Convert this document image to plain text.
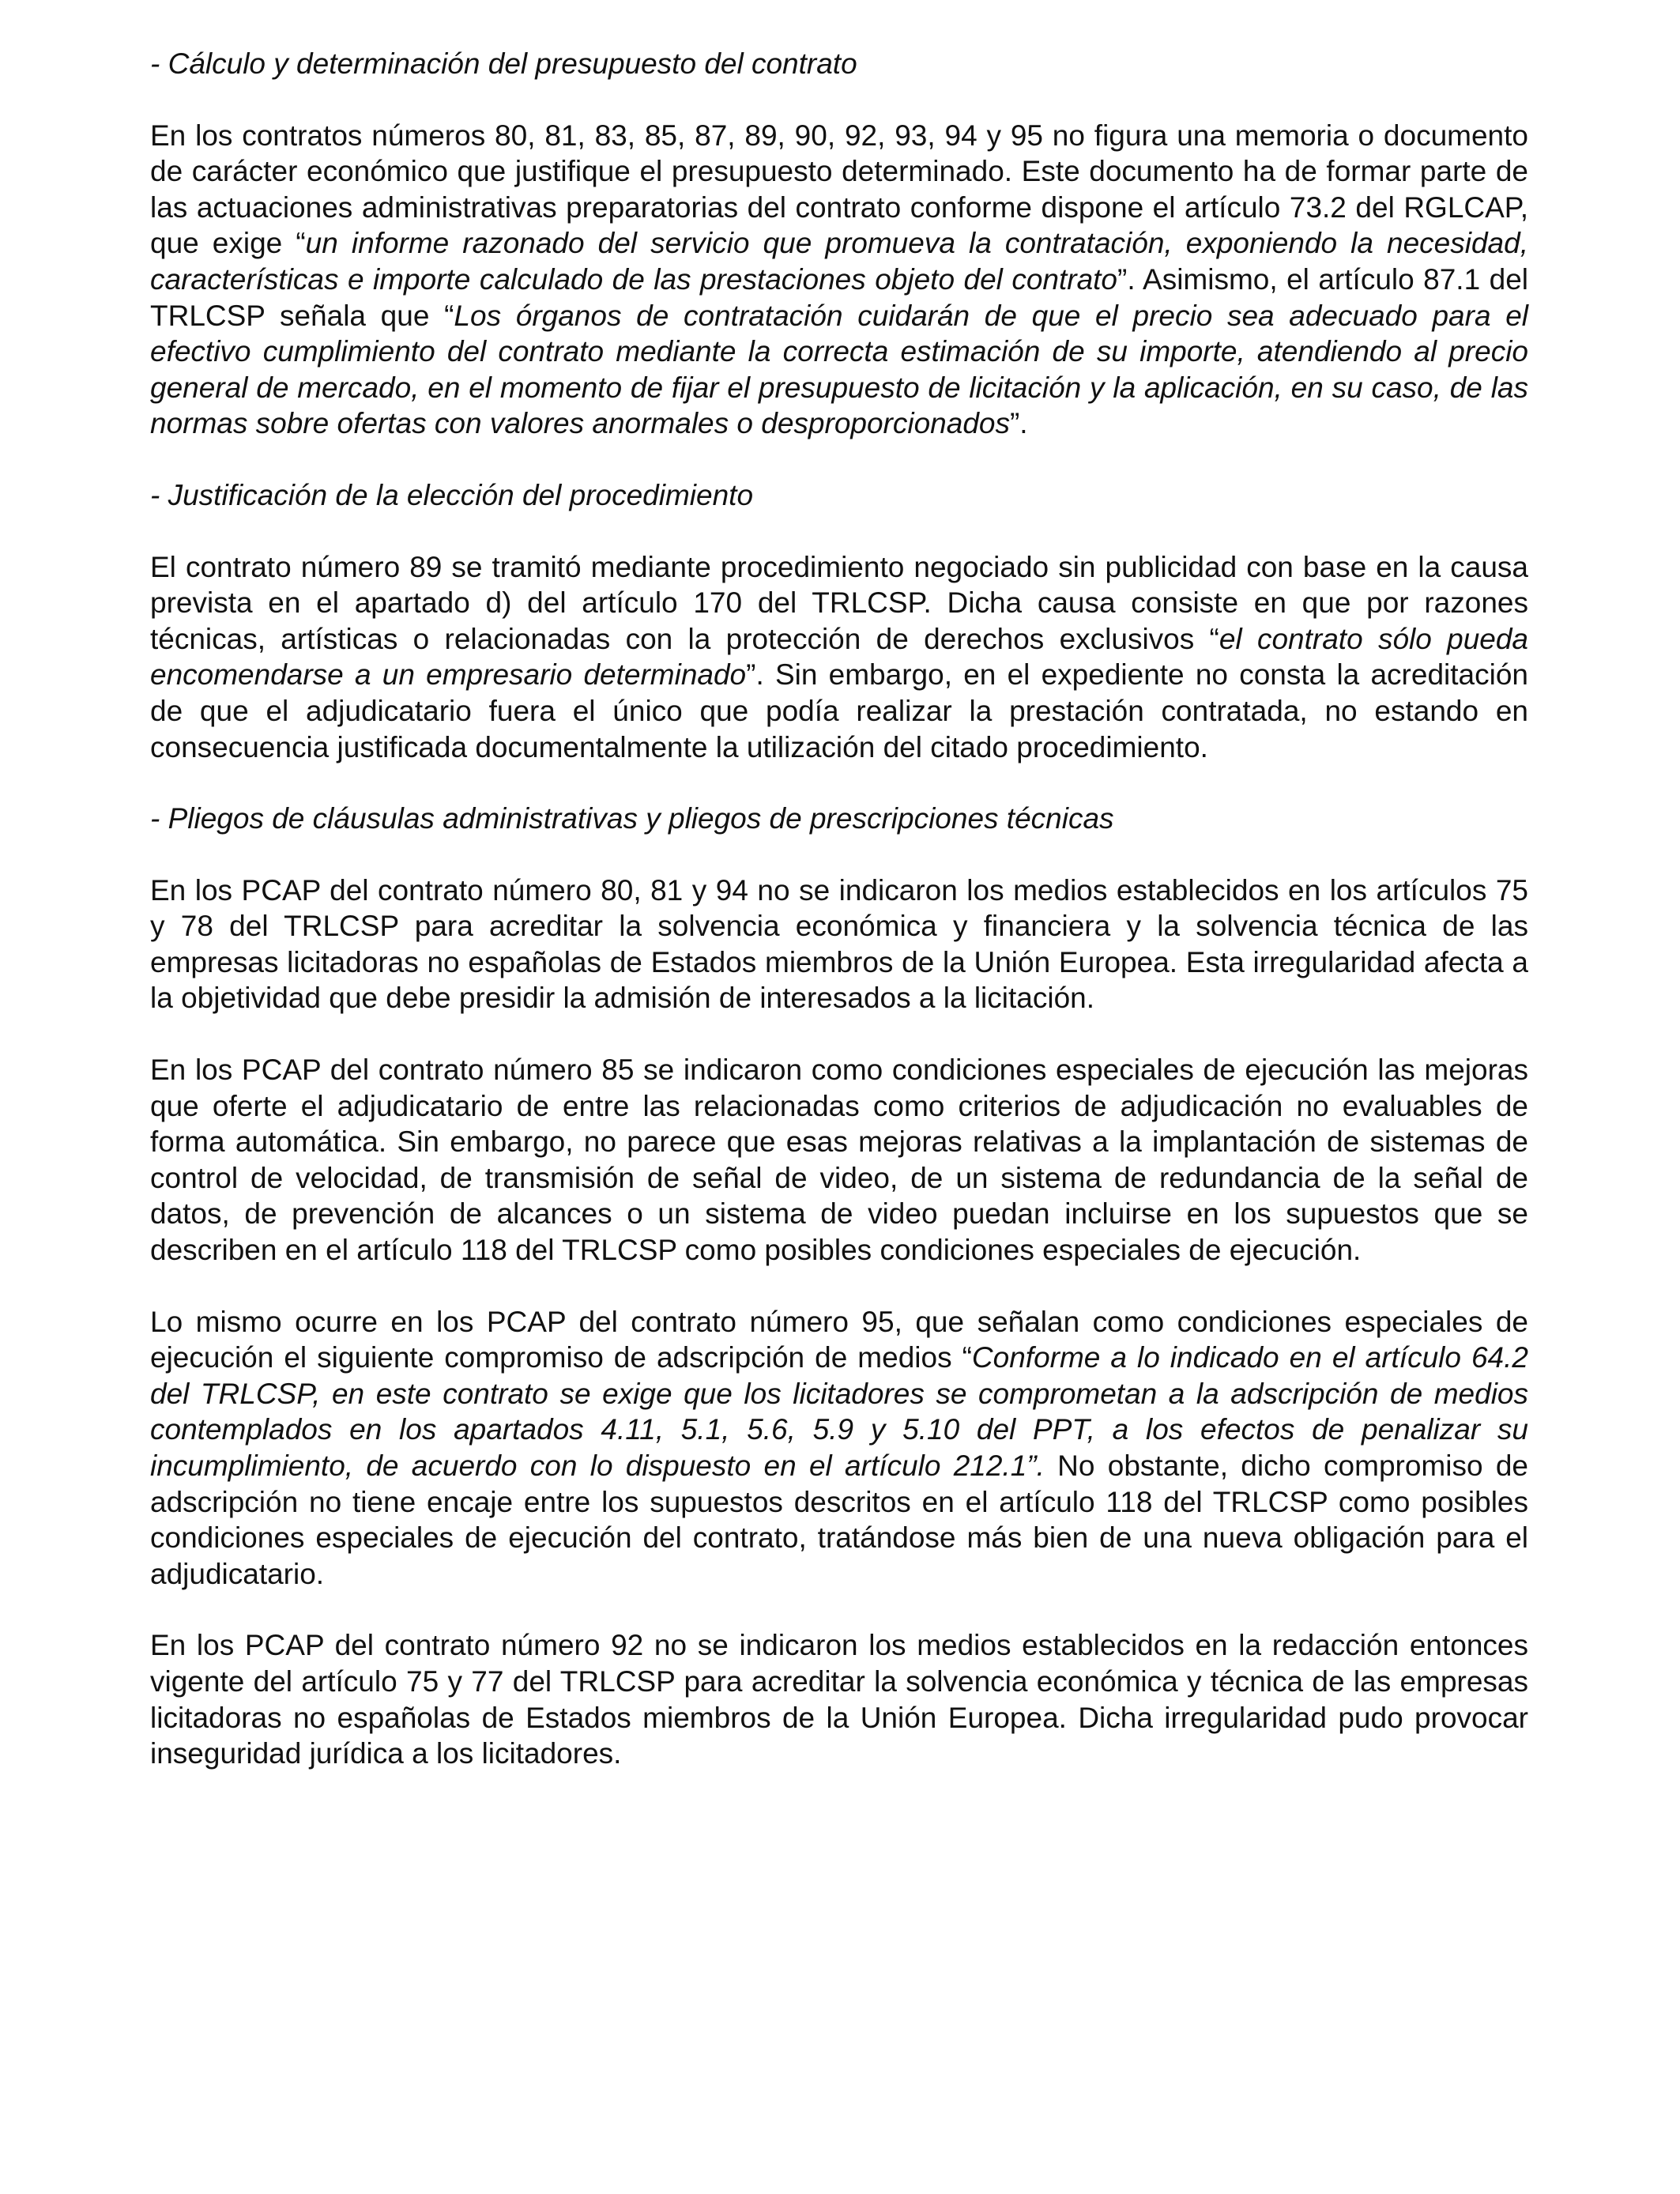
- Cálculo y determinación del presupuesto del contrato

En los contratos números 80, 81, 83, 85, 87, 89, 90, 92, 93, 94 y 95 no figura una memoria o documento de carácter económico que justifique el presupuesto determinado. Este documento ha de formar parte de las actuaciones administrativas preparatorias del contrato conforme dispone el artículo 73.2 del RGLCAP, que exige “un informe razonado del servicio que promueva la contratación, exponiendo la necesidad, características e importe calculado de las prestaciones objeto del contrato”. Asimismo, el artículo 87.1 del TRLCSP señala que “Los órganos de contratación cuidarán de que el precio sea adecuado para el efectivo cumplimiento del contrato mediante la correcta estimación de su importe, atendiendo al precio general de mercado, en el momento de fijar el presupuesto de licitación y la aplicación, en su caso, de las normas sobre ofertas con valores anormales o desproporcionados”.

- Justificación de la elección del procedimiento

El contrato número 89 se tramitó mediante procedimiento negociado sin publicidad con base en la causa prevista en el apartado d) del artículo 170 del TRLCSP. Dicha causa consiste en que por razones técnicas, artísticas o relacionadas con la protección de derechos exclusivos “el contrato sólo pueda encomendarse a un empresario determinado”. Sin embargo, en el expediente no consta la acreditación de que el adjudicatario fuera el único que podía realizar la prestación contratada, no estando en consecuencia justificada documentalmente la utilización del citado procedimiento.

- Pliegos de cláusulas administrativas y pliegos de prescripciones técnicas

En los PCAP del contrato número 80, 81 y 94 no se indicaron los medios establecidos en los artículos 75 y 78 del TRLCSP para acreditar la solvencia económica y financiera y la solvencia técnica de las empresas licitadoras no españolas de Estados miembros de la Unión Europea. Esta irregularidad afecta a la objetividad que debe presidir la admisión de interesados a la licitación.

En los PCAP del contrato número 85 se indicaron como condiciones especiales de ejecución las mejoras que oferte el adjudicatario de entre las relacionadas como criterios de adjudicación no evaluables de forma automática. Sin embargo, no parece que esas mejoras relativas a la implantación de sistemas de control de velocidad, de transmisión de señal de video, de un sistema de redundancia de la señal de datos, de prevención de alcances o un sistema de video puedan incluirse en los supuestos que se describen en el artículo 118 del TRLCSP como posibles condiciones especiales de ejecución.

Lo mismo ocurre en los PCAP del contrato número 95, que señalan como condiciones especiales de ejecución el siguiente compromiso de adscripción de medios “Conforme a lo indicado en el artículo 64.2 del TRLCSP, en este contrato se exige que los licitadores se comprometan a la adscripción de medios contemplados en los apartados 4.11, 5.1, 5.6, 5.9 y 5.10 del PPT, a los efectos de penalizar su incumplimiento, de acuerdo con lo dispuesto en el artículo 212.1”. No obstante, dicho compromiso de adscripción no tiene encaje entre los supuestos descritos en el artículo 118 del TRLCSP como posibles condiciones especiales de ejecución del contrato, tratándose más bien de una nueva obligación para el adjudicatario.

En los PCAP del contrato número 92 no se indicaron los medios establecidos en la redacción entonces vigente del artículo 75 y 77 del TRLCSP para acreditar la solvencia económica y técnica de las empresas licitadoras no españolas de Estados miembros de la Unión Europea. Dicha irregularidad pudo provocar inseguridad jurídica a los licitadores.
